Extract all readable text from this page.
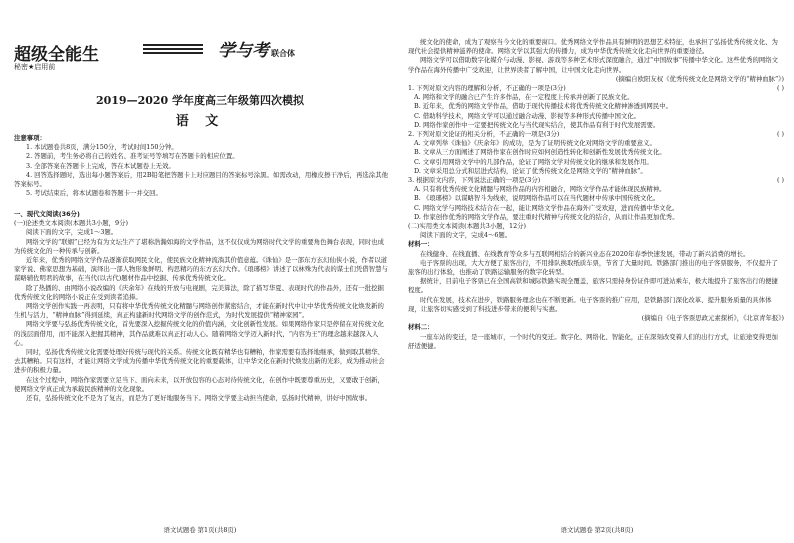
超级全能生	学与考 联合体
秘密★启用前
2019—2020 学年度高三年级第四次模拟
语 文
注意事项：

1. 本试题卷共8页，满分150分，考试时间150分钟。

2. 答题前，考生务必将自己的姓名、准考证号等填写在答题卡的相应位置。

3. 全部答案在答题卡上完成，答在本试题卷上无效。

4. 回答选择题时，选出每小题答案后，用2B铅笔把答题卡上对应题目的答案标号涂黑。如需改动，用橡皮擦干净后，再选涂其他答案标号。

5. 考试结束后，将本试题卷和答题卡一并交回。

一、现代文阅读(36分)

(一)论述类文本阅读(本题共3小题，9分)

阅读下面的文字，完成1～3题。

网络文学的“联姻”已经为有为文坛生产了堪称浩瀚如海的文学作品，这不仅仅成为网络时代文学的重要角色舞台表现，同时也成为传统文化的一种传承与创新。

近年来，优秀的网络文学作品逐渐获取网民文化，使民族文化精神流淌其价值意蕴。《诛仙》是一部东方玄幻仙侠小说，作者以道家学说、佛家思想为基础，演绎出一部人物形象鲜明、构思精巧的东方玄幻大作。《琅琊榜》讲述了以林殊为代表的谋士们凭借智慧与谋略辅佐明君的故事，在当代(以古代)题材作品中挖掘、传承优秀传统文化。

除了热播的、由网络小说改编的《庆余年》在线的开放与电视剧，完美算法，除了描写华夏、表现时代的作品外，还有一批挖掘优秀传统文化的网络小说正在受到读者追捧。

网络文学创作实践一再表明，只有将中华优秀传统文化精髓与网络创作紧密结合，才能在新时代中让中华优秀传统文化焕发新的生机与活力，“精神血脉”得到延续，真正构建新时代网络文学的创作范式，为时代发展提供“精神家园”。

网络文学要与弘扬优秀传统文化，首先要深入挖掘传统文化的价值内涵，文化创新性发展。如果网络作家只是停留在对传统文化的浅层面借用，而不能深入把握其精神，其作品就难以真正打动人心。随着网络文学迈入新时代，“内容为王”的理念越来越深入人心。

同时，弘扬优秀传统文化需要处理好传统与现代的关系。传统文化既有精华也有糟粕，作家需要有选择地继承，做到取其精华、去其糟粕。只有这样，才能让网络文学成为传播中华优秀传统文化的重要载体，让中华文化在新时代焕发出新的光彩，成为推动社会进步的积极力量。

在这个过程中，网络作家需要立足当下、面向未来，以开放包容的心态对待传统文化，在创作中既要尊重历史，又要敢于创新，使网络文学真正成为承载民族精神的文化现象。

还有，弘扬传统文化不是为了复古，而是为了更好地服务当下。网络文学要主动担当使命，弘扬时代精神，讲好中国故事。

语文试题卷 第1页(共8页)

统文化的使命，成为了观察当今文化的重要窗口。优秀网络文学作品具有鲜明的思想艺术特征，也承担了弘扬优秀传统文化、为现代社会提供精神滋养的使命。网络文学以其强大的传播力，成为中华优秀传统文化走向世界的重要途径。

网络文学可以借助数字化媒介与动漫、影视、游戏等多种艺术形式深度融合，通过“中国故事”传播中华文化。这些优秀的网络文学作品在海外传播中广受欢迎，让世界读者了解中国，让中国文化走向世界。

(摘编自欧阳友权《优秀传统文化是网络文学的“精神血脉”》)

1. 下列对原文内容的理解和分析，不正确的一项是(3分)	( )

A. 网络和文学的融合已产生许多作品，在一定程度上传承并创新了民族文化。

B. 近年来，优秀的网络文学作品，借助于现代传播技术将优秀传统文化精神渗透到网民中。

C. 借助科学技术，网络文学可以通过融合动漫、影视等多种形式传播中国文化。

D. 网络作家创作中一定要把传统文化与当代现实结合，使其作品有利于时代发展需要。

2. 下列对原文论证的相关分析，不正确的一项是(3分)	( )

A. 文章列举《诛仙》《庆余年》的成功，是为了证明传统文化对网络文学的重要意义。

B. 文章从三方面阐述了网络作家在创作时应如何创造性转化和创新性发展优秀传统文化。

C. 文章引用网络文学中的几部作品，论证了网络文学对传统文化的继承和发展作用。

D. 文章采用总分式和层进式结构，论证了优秀传统文化是网络文学的“精神血脉”。

3. 根据原文内容，下列说法正确的一项是(3分)	( )

A. 只有将优秀传统文化精髓与网络作品的内容相融合，网络文学作品才能体现民族精神。

B. 《琅琊榜》以谋略智斗为线索，说明网络作品可以在当代题材中传承中国传统文化。

C. 网络文学与网络技术结合在一起，能让网络文学作品在海外广受欢迎，进而传播中华文化。

D. 作家创作优秀的网络文学作品，要注重时代精神与传统文化的结合，从而让作品更加优秀。

(二)实用类文本阅读(本题共3小题，12分)

阅读下面的文字，完成4～6题。

材料一：

在线健身、在线直播、在线教育等众多与互联网相结合的新兴业态在2020年春季快速发展，带动了新兴消费的增长。

电子客票的出现，大大方便了旅客出行，不用排队换取纸质车票，节省了大量时间。铁路部门推出的电子客票服务，不仅提升了旅客的出行体验，也推动了铁路运输服务的数字化转型。

据统计，目前电子客票已在全国高铁和城际铁路实现全覆盖，旅客只需持身份证件即可进站乘车，极大地提升了旅客出行的便捷程度。

时代在发展，技术在进步，铁路服务理念也在不断更新。电子客票的推广应用，是铁路部门深化改革、提升服务质量的具体体现，让旅客切实感受到了科技进步带来的便利与实惠。

(摘编自《电子客票思政元素探析》，《北京青年报》)

材料二：

一座车站的变迁，是一座城市，一个时代的变迁。数字化、网络化、智能化，正在深刻改变着人们的出行方式，让旅途变得更加舒适便捷。

语文试题卷 第2页(共8页)
